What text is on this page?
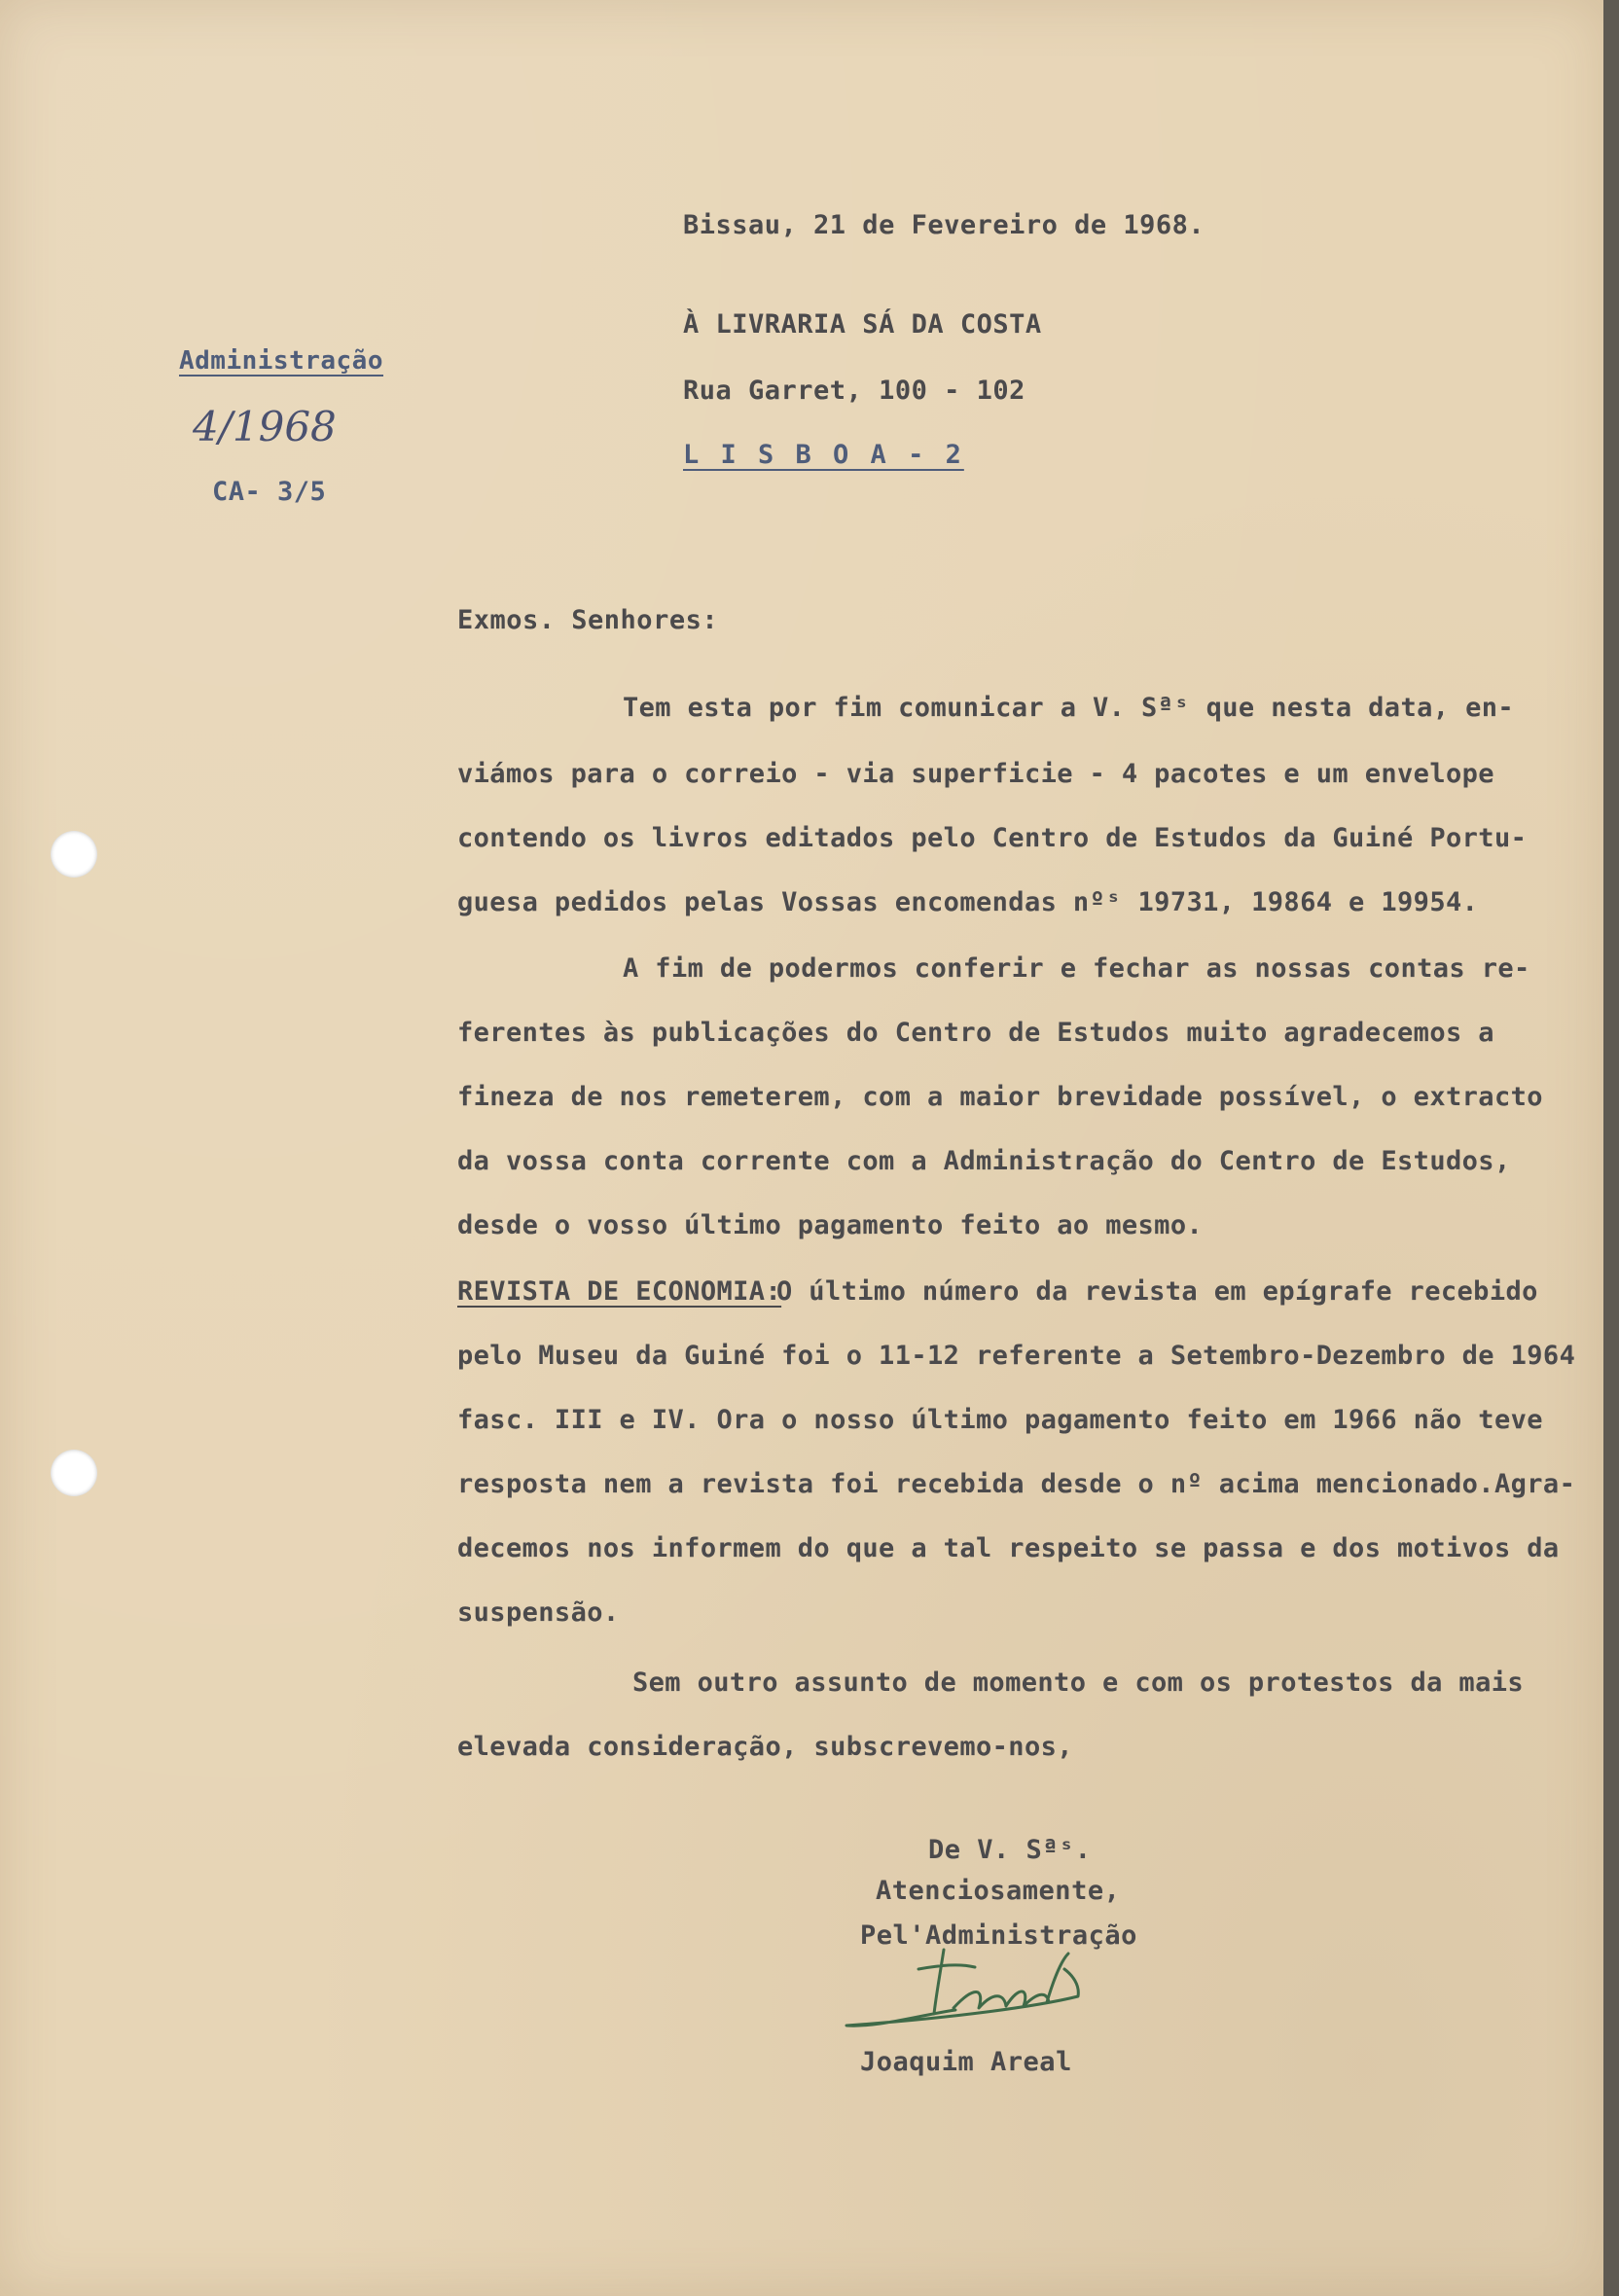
Bissau, 21 de Fevereiro de 1968.

À LIVRARIA SÁ DA COSTA

Rua Garret, 100 - 102

L I S B O A - 2

Administração

4/1968

CA- 3/5

Exmos. Senhores:

Tem esta por fim comunicar a V. Sªˢ que nesta data, en-
viámos para o correio - via superficie - 4 pacotes e um envelope
contendo os livros editados pelo Centro de Estudos da Guiné Portu-
guesa pedidos pelas Vossas encomendas nºˢ 19731, 19864 e 19954.
A fim de podermos conferir e fechar as nossas contas re-
ferentes às publicações do Centro de Estudos muito agradecemos a
fineza de nos remeterem, com a maior brevidade possível, o extracto
da vossa conta corrente com a Administração do Centro de Estudos,
desde o vosso último pagamento feito ao mesmo.
REVISTA DE ECONOMIA:
O último número da revista em epígrafe recebido
pelo Museu da Guiné foi o 11-12 referente a Setembro-Dezembro de 1964
fasc. III e IV. Ora o nosso último pagamento feito em 1966 não teve
resposta nem a revista foi recebida desde o nº acima mencionado.Agra-
decemos nos informem do que a tal respeito se passa e dos motivos da
suspensão.
Sem outro assunto de momento e com os protestos da mais
elevada consideração, subscrevemo-nos,

De V. Sªˢ.

Atenciosamente,

Pel'Administração

Joaquim Areal
